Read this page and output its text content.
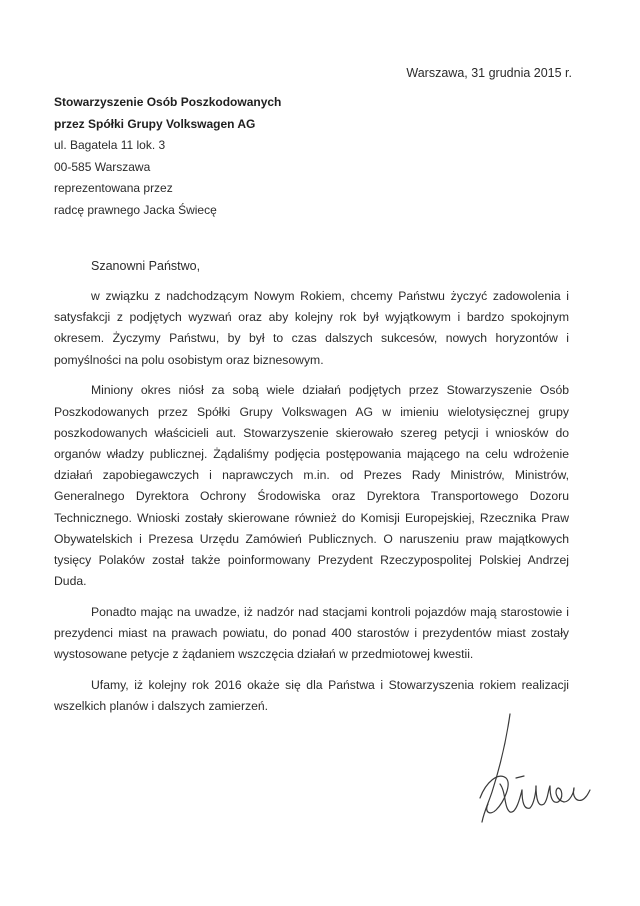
Warszawa, 31 grudnia 2015 r.
Stowarzyszenie Osób Poszkodowanych
przez Spółki Grupy Volkswagen AG
ul. Bagatela 11 lok. 3
00-585 Warszawa
reprezentowana przez
radcę prawnego Jacka Świecę
Szanowni Państwo,

w związku z nadchodzącym Nowym Rokiem, chcemy Państwu życzyć zadowolenia i satysfakcji z podjętych wyzwań oraz aby kolejny rok był wyjątkowym i bardzo spokojnym okresem. Życzymy Państwu, by był to czas dalszych sukcesów, nowych horyzontów i pomyślności na polu osobistym oraz biznesowym.

Miniony okres niósł za sobą wiele działań podjętych przez Stowarzyszenie Osób Poszkodowanych przez Spółki Grupy Volkswagen AG w imieniu wielotysięcznej grupy poszkodowanych właścicieli aut. Stowarzyszenie skierowało szereg petycji i wniosków do organów władzy publicznej. Żądaliśmy podjęcia postępowania mającego na celu wdrożenie działań zapobiegawczych i naprawczych m.in. od Prezes Rady Ministrów, Ministrów, Generalnego Dyrektora Ochrony Środowiska oraz Dyrektora Transportowego Dozoru Technicznego. Wnioski zostały skierowane również do Komisji Europejskiej, Rzecznika Praw Obywatelskich i Prezesa Urzędu Zamówień Publicznych. O naruszeniu praw majątkowych tysięcy Polaków został także poinformowany Prezydent Rzeczypospolitej Polskiej Andrzej Duda.

Ponadto mając na uwadze, iż nadzór nad stacjami kontroli pojazdów mają starostowie i prezydenci miast na prawach powiatu, do ponad 400 starostów i prezydentów miast zostały wystosowane petycje z żądaniem wszczęcia działań w przedmiotowej kwestii.

Ufamy, iż kolejny rok 2016 okaże się dla Państwa i Stowarzyszenia rokiem realizacji wszelkich planów i dalszych zamierzeń.
